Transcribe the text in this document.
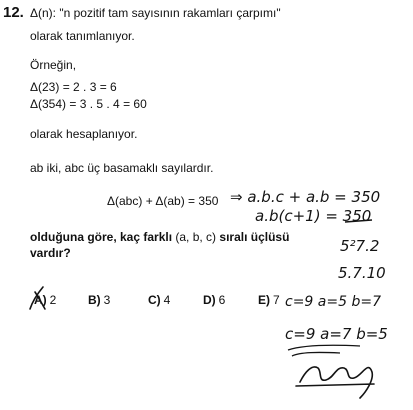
12. Δ(n): "n pozitif tam sayısının rakamları çarpımı"
olarak tanımlanıyor.
Örneğin,
Δ(23) = 2 . 3 = 6
Δ(354) = 3 . 5 . 4 = 60
olarak hesaplanıyor.
ab iki, abc üç basamaklı sayılardır.
Δ(abc) + Δ(ab) = 350
olduğuna göre, kaç farklı (a, b, c) sıralı üçlüsü
vardır?
A) 2	B) 3	C) 4	D) 6	E) 7
⇒ a.b.c + a.b = 350
a.b(c+1) = 350
5²7.2
5.7.10
c=9 a=5 b=7
c=9 a=7 b=5
